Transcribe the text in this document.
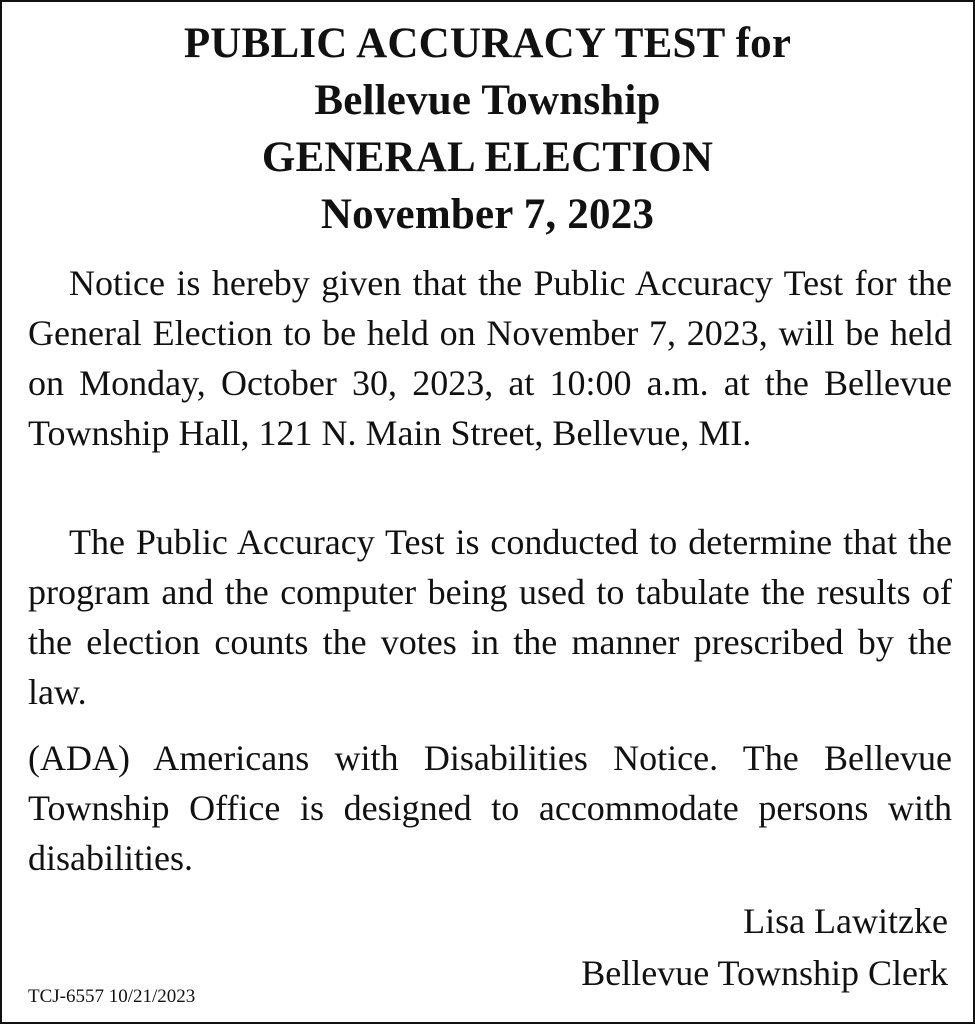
PUBLIC ACCURACY TEST for
Bellevue Township
GENERAL ELECTION
November 7, 2023

Notice is hereby given that the Public Accuracy Test for the General Election to be held on November 7, 2023, will be held on Monday, October 30, 2023, at 10:00 a.m. at the Bellevue Township Hall, 121 N. Main Street, Bellevue, MI.

The Public Accuracy Test is conducted to determine that the program and the computer being used to tabulate the results of the election counts the votes in the manner prescribed by the law.

(ADA) Americans with Disabilities Notice. The Bellevue Township Office is designed to accommodate persons with disabilities.

Lisa Lawitzke
Bellevue Township Clerk
TCJ-6557 10/21/2023
